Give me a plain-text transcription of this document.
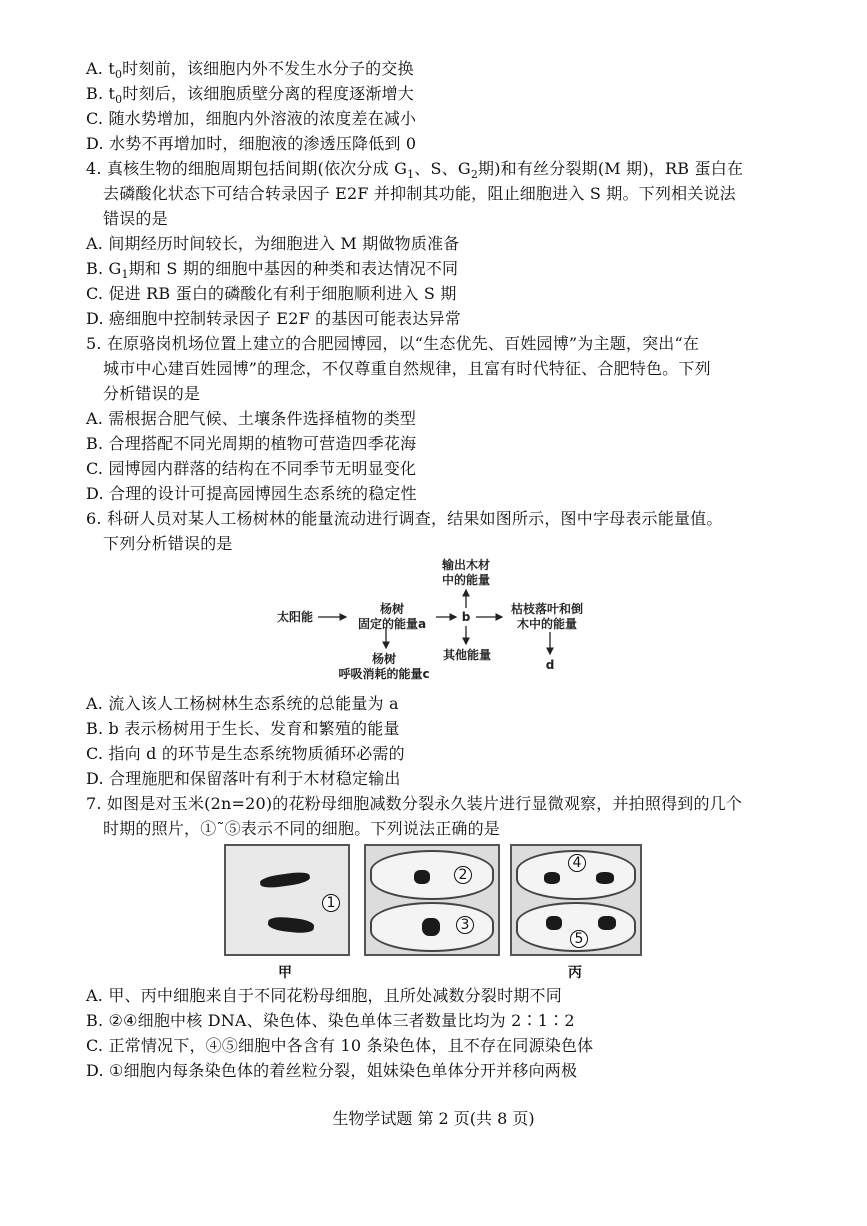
A. $t_0$时刻前，该细胞内外不发生水分子的交换
B. $t_0$时刻后，该细胞质壁分离的程度逐渐增大
C. 随水势增加，细胞内外溶液的浓度差在减小
D. 水势不再增加时，细胞液的渗透压降低到 0
4. 真核生物的细胞周期包括间期(依次分成 $G_1$、S、$G_2$期)和有丝分裂期(M 期)，RB 蛋白在
去磷酸化状态下可结合转录因子 E2F 并抑制其功能，阻止细胞进入 S 期。下列相关说法
错误的是
A. 间期经历时间较长，为细胞进入 M 期做物质准备
B. $G_1$期和 S 期的细胞中基因的种类和表达情况不同
C. 促进 RB 蛋白的磷酸化有利于细胞顺利进入 S 期
D. 癌细胞中控制转录因子 E2F 的基因可能表达异常
5. 在原骆岗机场位置上建立的合肥园博园，以“生态优先、百姓园博”为主题，突出“在
城市中心建百姓园博”的理念，不仅尊重自然规律，且富有时代特征、合肥特色。下列
分析错误的是
A. 需根据合肥气候、土壤条件选择植物的类型
B. 合理搭配不同光周期的植物可营造四季花海
C. 园博园内群落的结构在不同季节无明显变化
D. 合理的设计可提高园博园生态系统的稳定性
6. 科研人员对某人工杨树林的能量流动进行调查，结果如图所示，图中字母表示能量值。
下列分析错误的是
太阳能
杨树
固定的能量a	b
输出木材
中的能量
枯枝落叶和倒
木中的能量
其他能量
d
杨树
呼吸消耗的能量c
A. 流入该人工杨树林生态系统的总能量为 a
B. b 表示杨树用于生长、发育和繁殖的能量
C. 指向 d 的环节是生态系统物质循环必需的
D. 合理施肥和保留落叶有利于木材稳定输出
7. 如图是对玉米(2n=20)的花粉母细胞减数分裂永久装片进行显微观察，并拍照得到的几个
时期的照片，①˜⑤表示不同的细胞。下列说法正确的是
1
2
3
4
5
甲	丙
A. 甲、丙中细胞来自于不同花粉母细胞，且所处减数分裂时期不同
B. ②④细胞中核 DNA、染色体、染色单体三者数量比均为 2∶1∶2
C. 正常情况下，④⑤细胞中各含有 10 条染色体，且不存在同源染色体
D. ①细胞内每条染色体的着丝粒分裂，姐妹染色单体分开并移向两极
生物学试题 第 2 页(共 8 页)
